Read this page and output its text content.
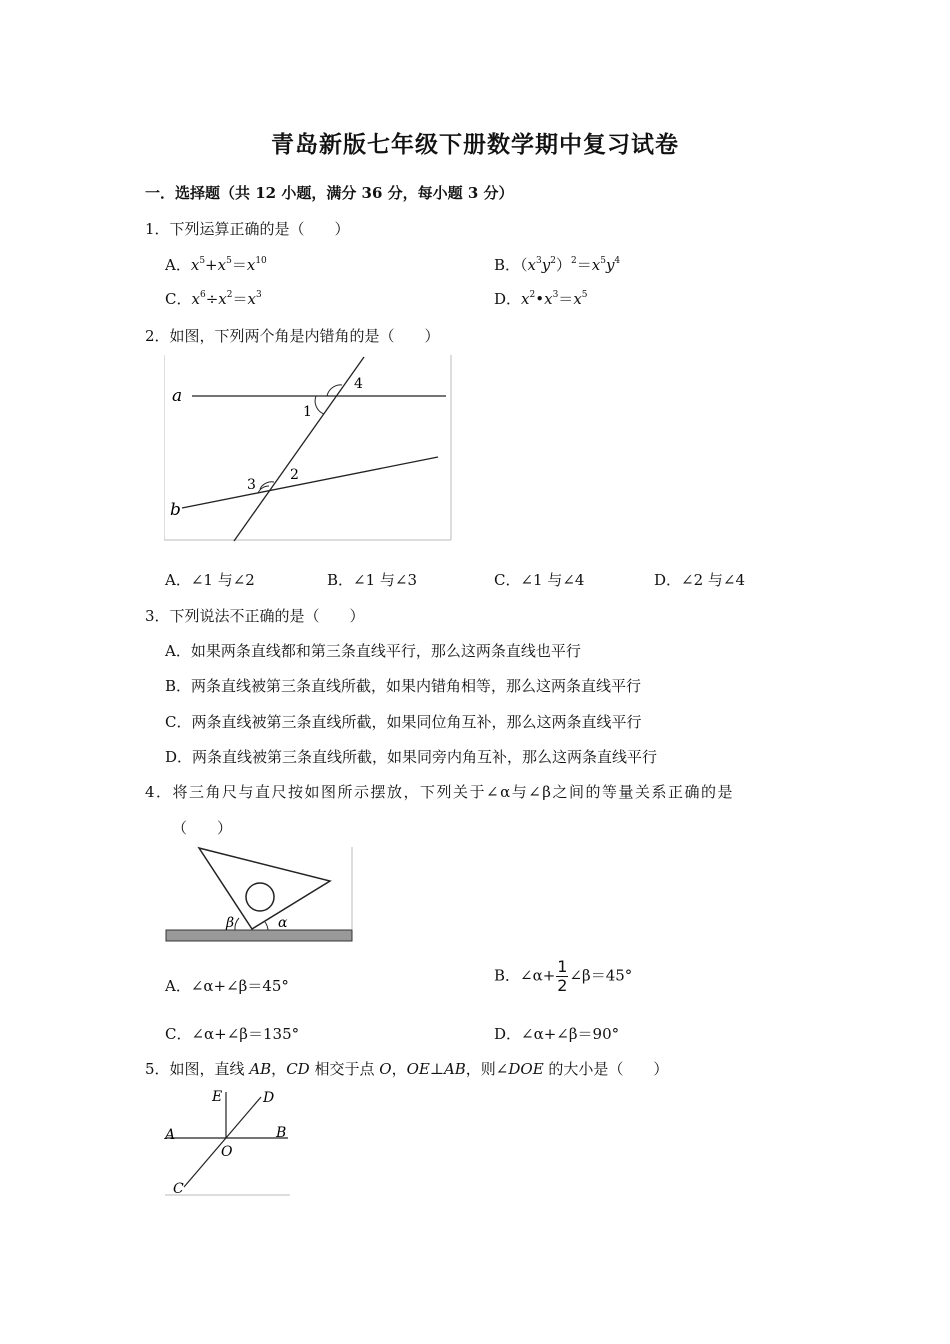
青岛新版七年级下册数学期中复习试卷
一．选择题（共 12 小题，满分 36 分，每小题 3 分）
1．下列运算正确的是（　　）
A．$x^5+x^5=x^{10}$	B．$(x^3y^2)^2=x^5y^4$
C．$x^6\div x^2=x^3$	D．$x^2•x^3=x^5$
2．如图，下列两个角是内错角的是（　　）
a
b
4
1
3
2
A．∠1 与∠2	B．∠1 与∠3	C．∠1 与∠4	D．∠2 与∠4
3．下列说法不正确的是（　　）
A．如果两条直线都和第三条直线平行，那么这两条直线也平行
B．两条直线被第三条直线所截，如果内错角相等，那么这两条直线平行
C．两条直线被第三条直线所截，如果同位角互补，那么这两条直线平行
D．两条直线被第三条直线所截，如果同旁内角互补，那么这两条直线平行
4．将三角尺与直尺按如图所示摆放，下列关于∠α与∠β之间的等量关系正确的是
（　　）
β	α
A．∠α+∠β＝45°
B．∠α+ $\frac{1}{2}$ ∠β＝45°
C．∠α+∠β＝135°	D．∠α+∠β＝90°
5．如图，直线 AB，CD 相交于点 O，OE⊥AB，则∠DOE 的大小是（　　）
E	D
A	B
O
C
